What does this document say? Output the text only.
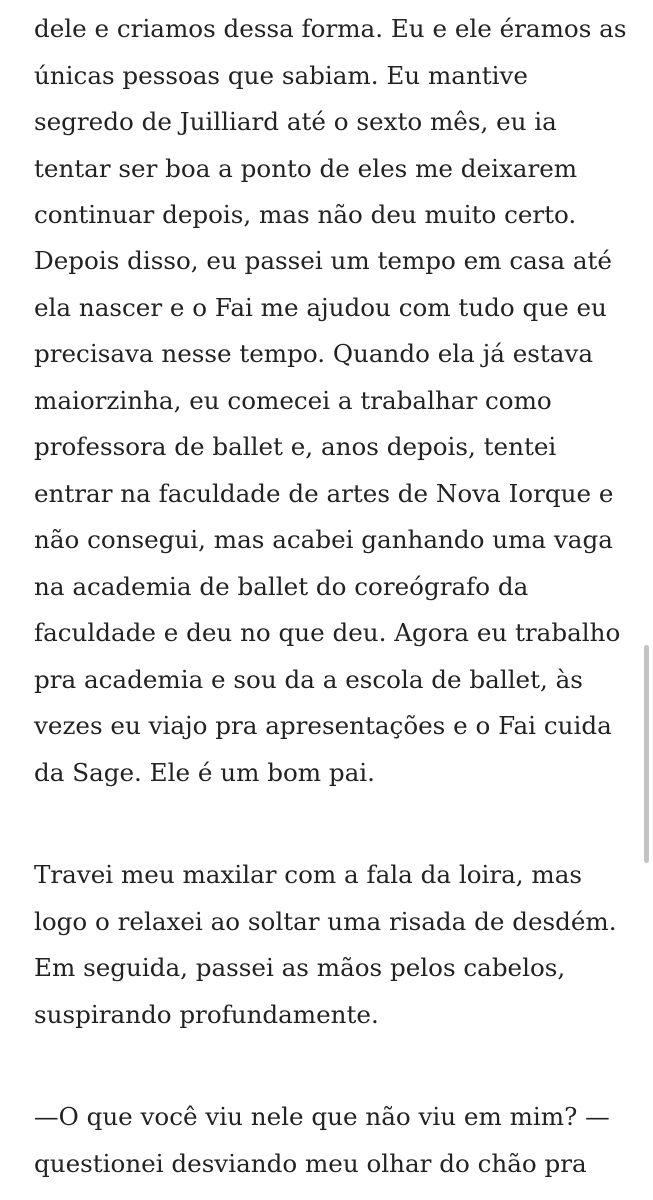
dele e criamos dessa forma. Eu e ele éramos as
únicas pessoas que sabiam. Eu mantive
segredo de Juilliard até o sexto mês, eu ia
tentar ser boa a ponto de eles me deixarem
continuar depois, mas não deu muito certo.
Depois disso, eu passei um tempo em casa até
ela nascer e o Fai me ajudou com tudo que eu
precisava nesse tempo. Quando ela já estava
maiorzinha, eu comecei a trabalhar como
professora de ballet e, anos depois, tentei
entrar na faculdade de artes de Nova Iorque e
não consegui, mas acabei ganhando uma vaga
na academia de ballet do coreógrafo da
faculdade e deu no que deu. Agora eu trabalho
pra academia e sou da a escola de ballet, às
vezes eu viajo pra apresentações e o Fai cuida
da Sage. Ele é um bom pai.
Travei meu maxilar com a fala da loira, mas
logo o relaxei ao soltar uma risada de desdém.
Em seguida, passei as mãos pelos cabelos,
suspirando profundamente.
—O que você viu nele que não viu em mim? —
questionei desviando meu olhar do chão pra
